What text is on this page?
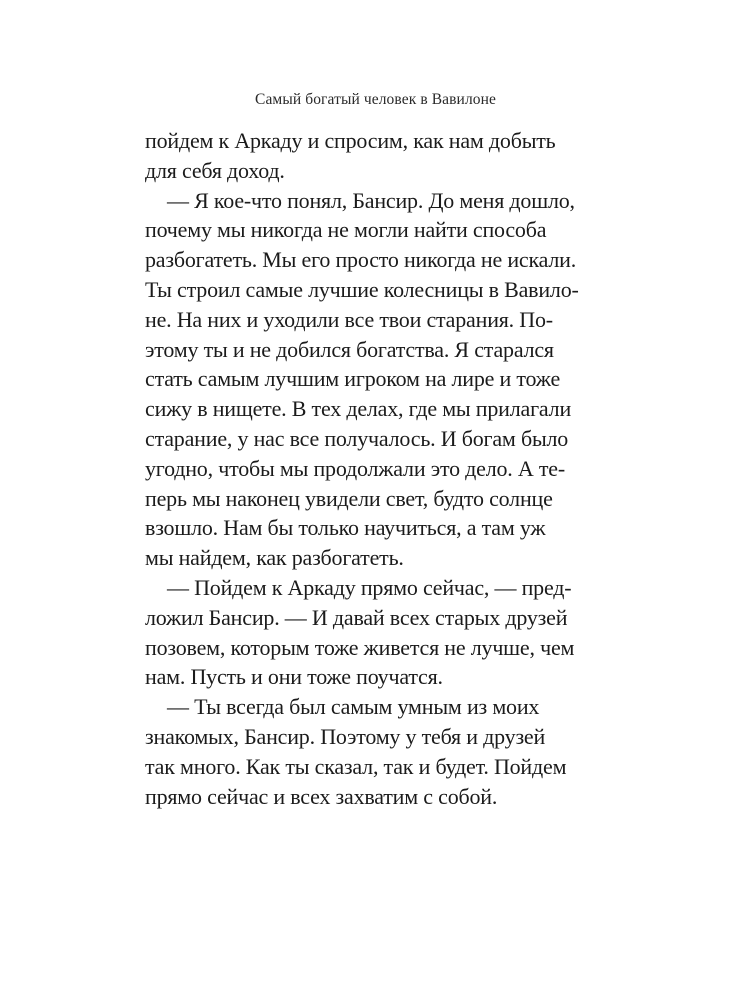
Самый богатый человек в Вавилоне
пойдем к Аркаду и спросим, как нам добыть
для себя доход.
— Я кое-что понял, Бансир. До меня дошло,
почему мы никогда не могли найти способа
разбогатеть. Мы его просто никогда не искали.
Ты строил самые лучшие колесницы в Вавило-
не. На них и уходили все твои старания. По-
этому ты и не добился богатства. Я старался
стать самым лучшим игроком на лире и тоже
сижу в нищете. В тех делах, где мы прилагали
старание, у нас все получалось. И богам было
угодно, чтобы мы продолжали это дело. А те-
перь мы наконец увидели свет, будто солнце
взошло. Нам бы только научиться, а там уж
мы найдем, как разбогатеть.
— Пойдем к Аркаду прямо сейчас, — пред-
ложил Бансир. — И давай всех старых друзей
позовем, которым тоже живется не лучше, чем
нам. Пусть и они тоже поучатся.
— Ты всегда был самым умным из моих
знакомых, Бансир. Поэтому у тебя и друзей
так много. Как ты сказал, так и будет. Пойдем
прямо сейчас и всех захватим с собой.
